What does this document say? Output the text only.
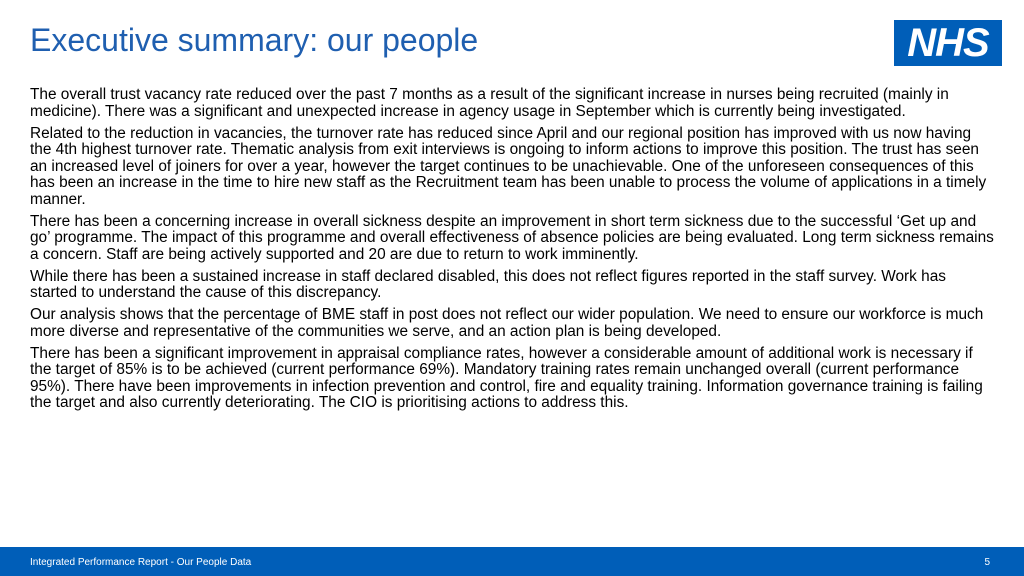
Executive summary: our people	NHS

The overall trust vacancy rate reduced over the past 7 months as a result of the significant increase in nurses being recruited (mainly in medicine). There was a significant and unexpected increase in agency usage in September which is currently being investigated.

Related to the reduction in vacancies, the turnover rate has reduced since April and our regional position has improved with us now having the 4th highest turnover rate. Thematic analysis from exit interviews is ongoing to inform actions to improve this position. The trust has seen an increased level of joiners for over a year, however the target continues to be unachievable. One of the unforeseen consequences of this has been an increase in the time to hire new staff as the Recruitment team has been unable to process the volume of applications in a timely manner.

There has been a concerning increase in overall sickness despite an improvement in short term sickness due to the successful ‘Get up and go’ programme. The impact of this programme and overall effectiveness of absence policies are being evaluated. Long term sickness remains a concern. Staff are being actively supported and 20 are due to return to work imminently.

While there has been a sustained increase in staff declared disabled, this does not reflect figures reported in the staff survey. Work has started to understand the cause of this discrepancy.

Our analysis shows that the percentage of BME staff in post does not reflect our wider population. We need to ensure our workforce is much more diverse and representative of the communities we serve, and an action plan is being developed.

There has been a significant improvement in appraisal compliance rates, however a considerable amount of additional work is necessary if the target of 85% is to be achieved (current performance 69%). Mandatory training rates remain unchanged overall (current performance 95%). There have been improvements in infection prevention and control, fire and equality training. Information governance training is failing the target and also currently deteriorating. The CIO is prioritising actions to address this.

Integrated Performance Report - Our People Data	5
